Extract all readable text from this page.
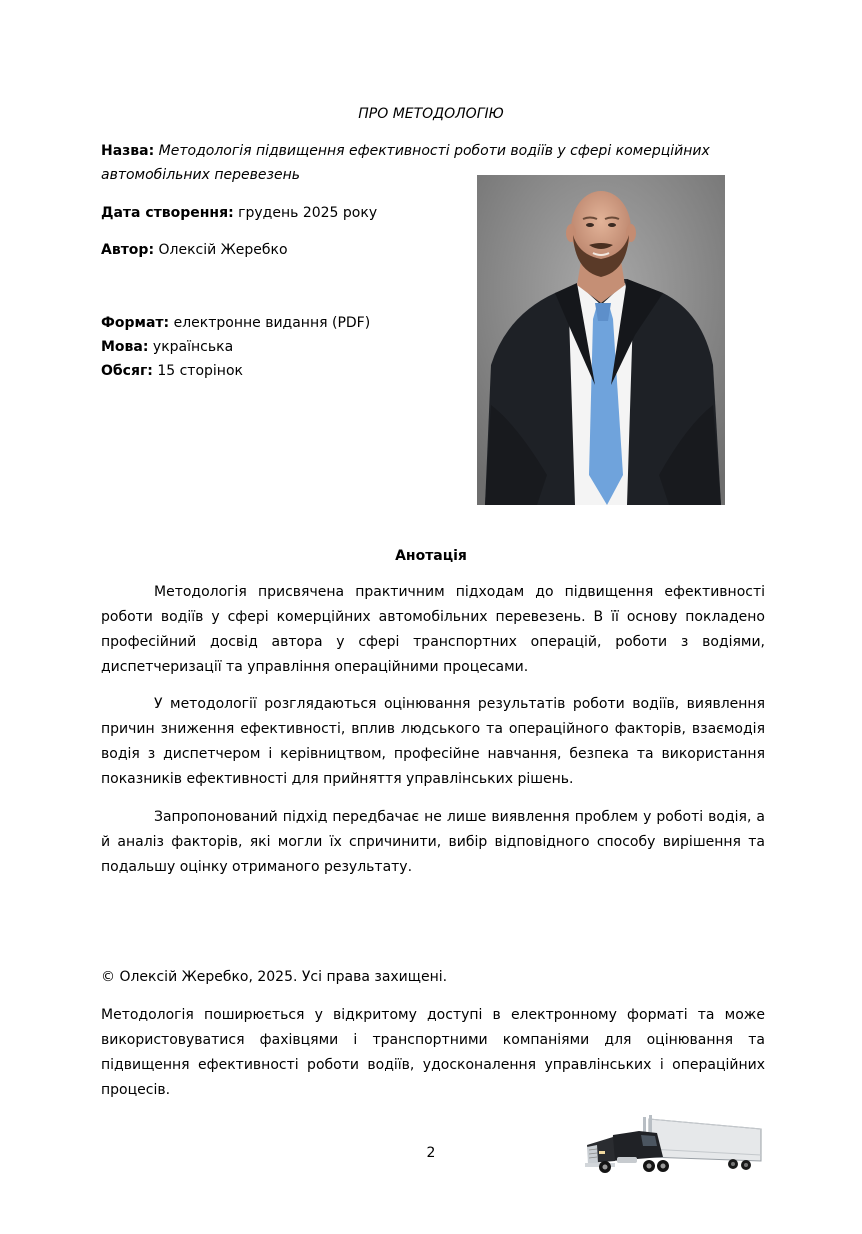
ПРО МЕТОДОЛОГІЮ
Назва: Методологія підвищення ефективності роботи водіїв у сфері комерційних
автомобільних перевезень
Дата створення: грудень 2025 року
Автор: Олексій Жеребко
Формат: електронне видання (PDF)
Мова: українська
Обсяг: 15 сторінок
Анотація

Методологія присвячена практичним підходам до підвищення ефективності роботи водіїв у сфері комерційних автомобільних перевезень. В її основу покладено професійний досвід автора у сфері транспортних операцій, роботи з водіями, диспетчеризації та управління операційними процесами.

У методології розглядаються оцінювання результатів роботи водіїв, виявлення причин зниження ефективності, вплив людського та операційного факторів, взаємодія водія з диспетчером і керівництвом, професійне навчання, безпека та використання показників ефективності для прийняття управлінських рішень.

Запропонований підхід передбачає не лише виявлення проблем у роботі водія, а й аналіз факторів, які могли їх спричинити, вибір відповідного способу вирішення та подальшу оцінку отриманого результату.

© Олексій Жеребко, 2025. Усі права захищені.

Методологія поширюється у відкритому доступі в електронному форматі та може використовуватися фахівцями і транспортними компаніями для оцінювання та підвищення ефективності роботи водіїв, удосконалення управлінських і операційних процесів.

2
